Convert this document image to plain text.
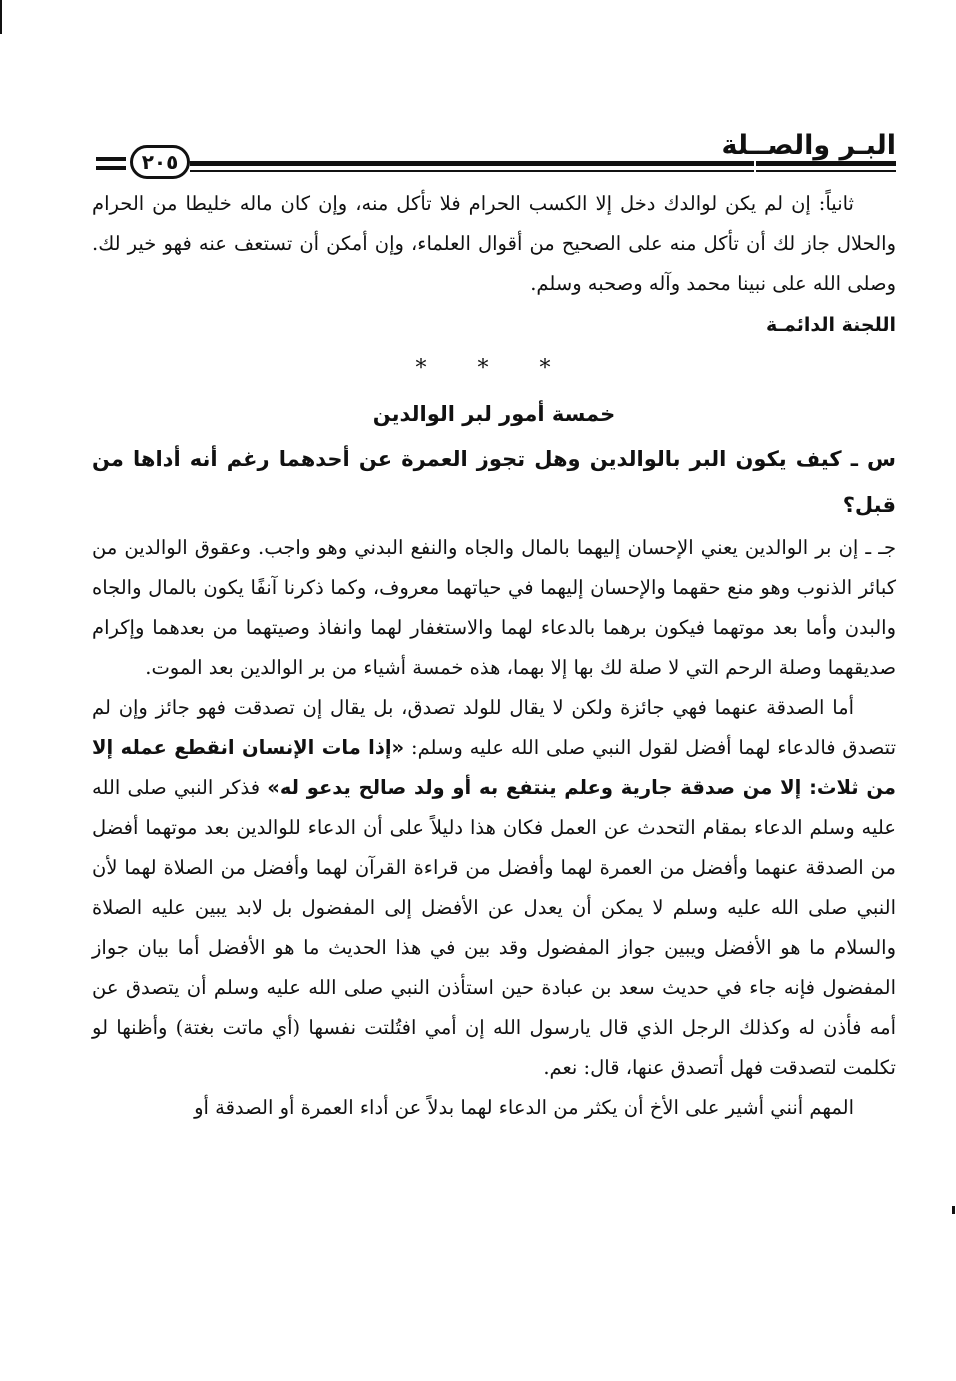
البـر والصــلة
٢٠٥

ثانياً: إن لم يكن لوالدك دخل إلا الكسب الحرام فلا تأكل منه، وإن كان ماله خليطا من الحرام والحلال جاز لك أن تأكل منه على الصحيح من أقوال العلماء، وإن أمكن أن تستعف عنه فهو خير لك. وصلى الله على نبينا محمد وآله وصحبه وسلم.

اللجنة الدائمـة

* * *

خمسة أمور لبر الوالدين

س ـ كيف يكون البر بالوالدين وهل تجوز العمرة عن أحدهما رغم أنه أداها من قبل؟

جـ ـ إن بر الوالدين يعني الإحسان إليهما بالمال والجاه والنفع البدني وهو واجب. وعقوق الوالدين من كبائر الذنوب وهو منع حقهما والإحسان إليهما في حياتهما معروف، وكما ذكرنا آنفًا يكون بالمال والجاه والبدن وأما بعد موتهما فيكون برهما بالدعاء لهما والاستغفار لهما وانفاذ وصيتهما من بعدهما وإكرام صديقهما وصلة الرحم التي لا صلة لك بها إلا بهما، هذه خمسة أشياء من بر الوالدين بعد الموت.

أما الصدقة عنهما فهي جائزة ولكن لا يقال للولد تصدق، بل يقال إن تصدقت فهو جائز وإن لم تتصدق فالدعاء لهما أفضل لقول النبي صلى الله عليه وسلم: «إذا مات الإنسان انقطع عمله إلا من ثلاث: إلا من صدقة جارية وعلم ينتفع به أو ولد صالح يدعو له» فذكر النبي صلى الله عليه وسلم الدعاء بمقام التحدث عن العمل فكان هذا دليلاً على أن الدعاء للوالدين بعد موتهما أفضل من الصدقة عنهما وأفضل من العمرة لهما وأفضل من قراءة القرآن لهما وأفضل من الصلاة لهما لأن النبي صلى الله عليه وسلم لا يمكن أن يعدل عن الأفضل إلى المفضول بل لابد يبين عليه الصلاة والسلام ما هو الأفضل ويبين جواز المفضول وقد بين في هذا الحديث ما هو الأفضل أما بيان جواز المفضول فإنه جاء في حديث سعد بن عبادة حين استأذن النبي صلى الله عليه وسلم أن يتصدق عن أمه فأذن له وكذلك الرجل الذي قال يارسول الله إن أمي افتُلتت نفسها (أي ماتت بغتة) وأظنها لو تكلمت لتصدقت فهل أتصدق عنها، قال: نعم.

المهم أنني أشير على الأخ أن يكثر من الدعاء لهما بدلاً عن أداء العمرة أو الصدقة أو
